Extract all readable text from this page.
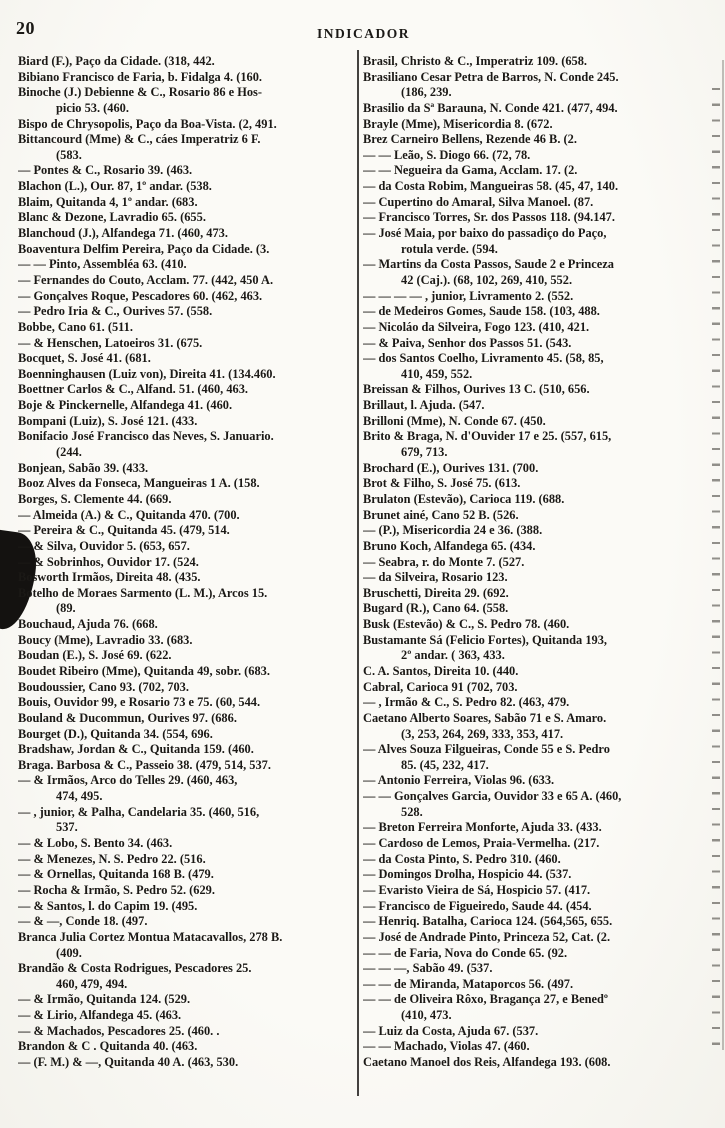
20	INDICADOR
Biard (F.), Paço da Cidade. (318, 442.
Bibiano Francisco de Faria, b. Fidalga 4. (160.
Binoche (J.) Debienne & C., Rosario 86 e Hos-
picio 53. (460.
Bispo de Chrysopolis, Paço da Boa-Vista. (2, 491.
Bittancourd (Mme) & C., cáes Imperatriz 6 F.
(583.
— Pontes & C., Rosario 39. (463.
Blachon (L.), Our. 87, 1º andar. (538.
Blaim, Quitanda 4, 1º andar. (683.
Blanc & Dezone, Lavradio 65. (655.
Blanchoud (J.), Alfandega 71. (460, 473.
Boaventura Delfim Pereira, Paço da Cidade. (3.
— — Pinto, Assembléa 63. (410.
— Fernandes do Couto, Acclam. 77. (442, 450 A.
— Gonçalves Roque, Pescadores 60. (462, 463.
— Pedro Iria & C., Ourives 57. (558.
Bobbe, Cano 61. (511.
— & Henschen, Latoeiros 31. (675.
Bocquet, S. José 41. (681.
Boenninghausen (Luiz von), Direita 41. (134.460.
Boettner Carlos & C., Alfand. 51. (460, 463.
Boje & Pinckernelle, Alfandega 41. (460.
Bompani (Luiz), S. José 121. (433.
Bonifacio José Francisco das Neves, S. Januario.
(244.
Bonjean, Sabão 39. (433.
Booz Alves da Fonseca, Mangueiras 1 A. (158.
Borges, S. Clemente 44. (669.
— Almeida (A.) & C., Quitanda 470. (700.
— Pereira & C., Quitanda 45. (479, 514.
— & Silva, Ouvidor 5. (653, 657.
— & Sobrinhos, Ouvidor 17. (524.
Bosworth Irmãos, Direita 48. (435.
Botelho de Moraes Sarmento (L. M.), Arcos 15.
(89.
Bouchaud, Ajuda 76. (668.
Boucy (Mme), Lavradio 33. (683.
Boudan (E.), S. José 69. (622.
Boudet Ribeiro (Mme), Quitanda 49, sobr. (683.
Boudoussier, Cano 93. (702, 703.
Bouis, Ouvidor 99, e Rosario 73 e 75. (60, 544.
Bouland & Ducommun, Ourives 97. (686.
Bourget (D.), Quitanda 34. (554, 696.
Bradshaw, Jordan & C., Quitanda 159. (460.
Braga. Barbosa & C., Passeio 38. (479, 514, 537.
— & Irmãos, Arco do Telles 29. (460, 463,
474, 495.
— , junior, & Palha, Candelaria 35. (460, 516,
537.
— & Lobo, S. Bento 34. (463.
— & Menezes, N. S. Pedro 22. (516.
— & Ornellas, Quitanda 168 B. (479.
— Rocha & Irmão, S. Pedro 52. (629.
— & Santos, l. do Capim 19. (495.
— & —, Conde 18. (497.
Branca Julia Cortez Montua Matacavallos, 278 B.
(409.
Brandão & Costa Rodrigues, Pescadores 25.
460, 479, 494.
— & Irmão, Quitanda 124. (529.
— & Lirio, Alfandega 45. (463.
— & Machados, Pescadores 25. (460. .
Brandon & C . Quitanda 40. (463.
— (F. M.) & —, Quitanda 40 A. (463, 530.
Brasil, Christo & C., Imperatriz 109. (658.
Brasiliano Cesar Petra de Barros, N. Conde 245.
(186, 239.
Brasilio da Sª Barauna, N. Conde 421. (477, 494.
Brayle (Mme), Misericordia 8. (672.
Brez Carneiro Bellens, Rezende 46 B. (2.
— — Leão, S. Diogo 66. (72, 78.
— — Negueira da Gama, Acclam. 17. (2.
— da Costa Robim, Mangueiras 58. (45, 47, 140.
— Cupertino do Amaral, Silva Manoel. (87.
— Francisco Torres, Sr. dos Passos 118. (94.147.
— José Maia, por baixo do passadiço do Paço,
rotula verde. (594.
— Martins da Costa Passos, Saude 2 e Princeza
42 (Caj.). (68, 102, 269, 410, 552.
— — — — , junior, Livramento 2. (552.
— de Medeiros Gomes, Saude 158. (103, 488.
— Nicoláo da Silveira, Fogo 123. (410, 421.
— & Paiva, Senhor dos Passos 51. (543.
— dos Santos Coelho, Livramento 45. (58, 85,
410, 459, 552.
Breissan & Filhos, Ourives 13 C. (510, 656.
Brillaut, l. Ajuda. (547.
Brilloni (Mme), N. Conde 67. (450.
Brito & Braga, N. d'Ouvider 17 e 25. (557, 615,
679, 713.
Brochard (E.), Ourives 131. (700.
Brot & Filho, S. José 75. (613.
Brulaton (Estevão), Carioca 119. (688.
Brunet ainé, Cano 52 B. (526.
— (P.), Misericordia 24 e 36. (388.
Bruno Koch, Alfandega 65. (434.
— Seabra, r. do Monte 7. (527.
— da Silveira, Rosario 123.
Bruschetti, Direita 29. (692.
Bugard (R.), Cano 64. (558.
Busk (Estevão) & C., S. Pedro 78. (460.
Bustamante Sá (Felicio Fortes), Quitanda 193,
2º andar. ( 363, 433.
C. A. Santos, Direita 10. (440.
Cabral, Carioca 91 (702, 703.
— , Irmão & C., S. Pedro 82. (463, 479.
Caetano Alberto Soares, Sabão 71 e S. Amaro.
(3, 253, 264, 269, 333, 353, 417.
— Alves Souza Filgueiras, Conde 55 e S. Pedro
85. (45, 232, 417.
— Antonio Ferreira, Violas 96. (633.
— — Gonçalves Garcia, Ouvidor 33 e 65 A. (460,
528.
— Breton Ferreira Monforte, Ajuda 33. (433.
— Cardoso de Lemos, Praia-Vermelha. (217.
— da Costa Pinto, S. Pedro 310. (460.
— Domingos Drolha, Hospicio 44. (537.
— Evaristo Vieira de Sá, Hospicio 57. (417.
— Francisco de Figueiredo, Saude 44. (454.
— Henriq. Batalha, Carioca 124. (564,565, 655.
— José de Andrade Pinto, Princeza 52, Cat. (2.
— — de Faria, Nova do Conde 65. (92.
— — —, Sabão 49. (537.
— — de Miranda, Mataporcos 56. (497.
— — de Oliveira Rôxo, Bragança 27, e Benedº
(410, 473.
— Luiz da Costa, Ajuda 67. (537.
— — Machado, Violas 47. (460.
Caetano Manoel dos Reis, Alfandega 193. (608.
